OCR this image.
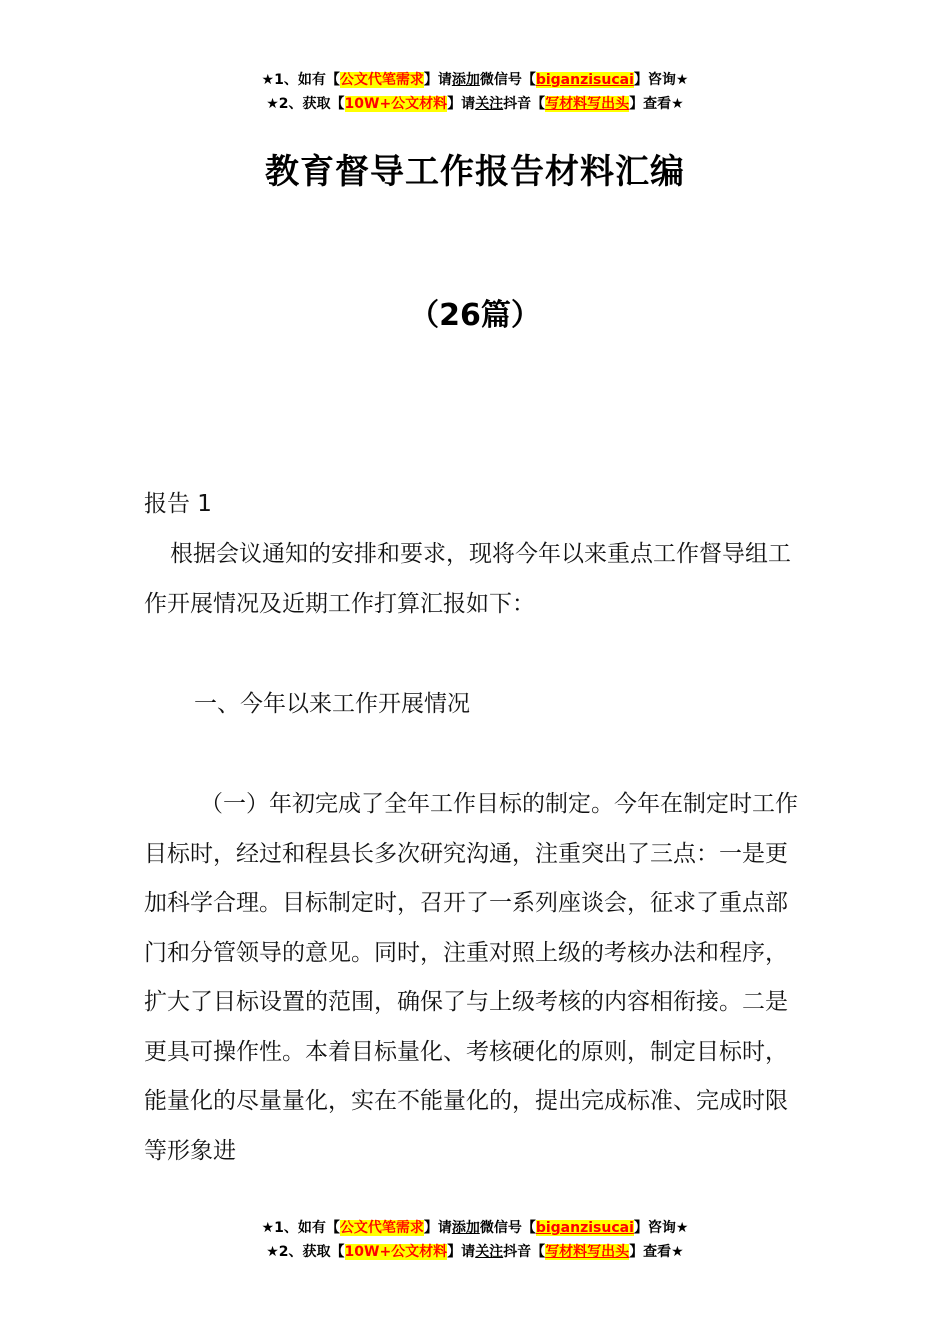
★1、如有【公文代笔需求】请添加微信号【biganzisucai】咨询★
★2、获取【10W+公文材料】请关注抖音【写材料写出头】查看★
教育督导工作报告材料汇编
（26篇）
报告 1
根据会议通知的安排和要求，现将今年以来重点工作督导组工作开展情况及近期工作打算汇报如下：
一、今年以来工作开展情况
（一）年初完成了全年工作目标的制定。今年在制定时工作目标时，经过和程县长多次研究沟通，注重突出了三点：一是更加科学合理。目标制定时，召开了一系列座谈会，征求了重点部门和分管领导的意见。同时，注重对照上级的考核办法和程序，扩大了目标设置的范围，确保了与上级考核的内容相衔接。二是更具可操作性。本着目标量化、考核硬化的原则，制定目标时，能量化的尽量量化，实在不能量化的，提出完成标准、完成时限等形象进
★1、如有【公文代笔需求】请添加微信号【biganzisucai】咨询★
★2、获取【10W+公文材料】请关注抖音【写材料写出头】查看★
